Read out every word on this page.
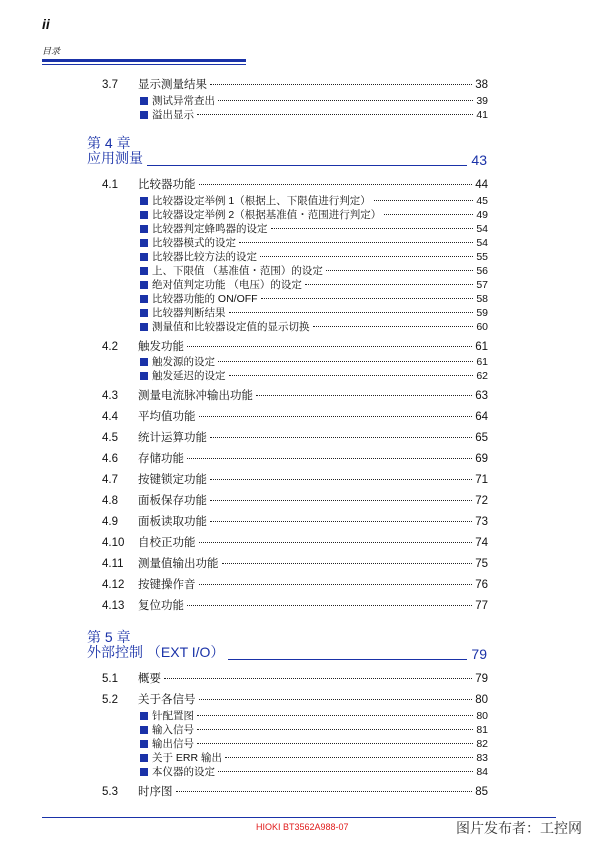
ii
目录
3.7	显示测量结果	38
测试异常查出	39
溢出显示	41
第 4 章
应用测量	43
4.1	比较器功能	44
比较器设定举例 1（根据上、下限值进行判定）	45
比较器设定举例 2（根据基准值・范围进行判定）	49
比较器判定蜂鸣器的设定	54
比较器模式的设定	54
比较器比较方法的设定	55
上、下限值 （基准值・范围）的设定	56
绝对值判定功能 （电压）的设定	57
比较器功能的 ON/OFF	58
比较器判断结果	59
测量值和比较器设定值的显示切换	60
4.2	触发功能	61
触发源的设定	61
触发延迟的设定	62
4.3	测量电流脉冲输出功能	63
4.4	平均值功能	64
4.5	统计运算功能	65
4.6	存储功能	69
4.7	按键锁定功能	71
4.8	面板保存功能	72
4.9	面板读取功能	73
4.10	自校正功能	74
4.11	测量值输出功能	75
4.12	按键操作音	76
4.13	复位功能	77
第 5 章
外部控制 （EXT I/O）	79
5.1	概要	79
5.2	关于各信号	80
针配置图	80
输入信号	81
输出信号	82
关于 ERR 输出	83
本仪器的设定	84
5.3	时序图	85
HIOKI BT3562A988-07	图片发布者：工控网
